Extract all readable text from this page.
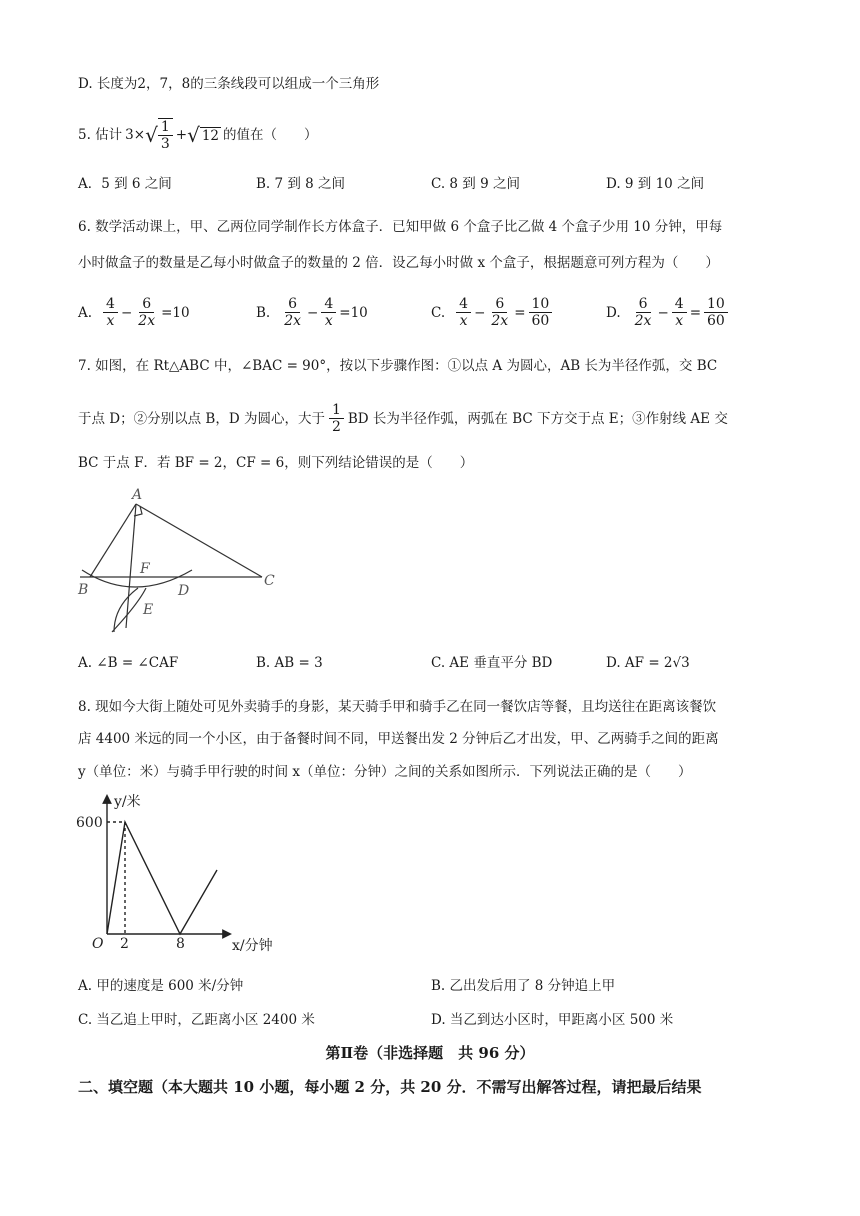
D. 长度为2，7，8的三条线段可以组成一个三角形
5. 估计 3× √ $\frac{1}{3}$ + √ 12 的值在（　　）
A．5 到 6 之间	B. 7 到 8 之间	C. 8 到 9 之间	D. 9 到 10 之间
6. 数学活动课上，甲、乙两位同学制作长方体盒子．已知甲做 6 个盒子比乙做 4 个盒子少用 10 分钟，甲每
小时做盒子的数量是乙每小时做盒子的数量的 2 倍．设乙每小时做 x 个盒子，根据题意可列方程为（　　）
A. $\frac{4}{x} - \frac{6}{2x} =10$	B. $\frac{6}{2x} - \frac{4}{x} =10$	C. $\frac{4}{x} - \frac{6}{2x} = \frac{10}{60}$	D. $\frac{6}{2x} - \frac{4}{x} = \frac{10}{60}$
7. 如图，在 Rt△ABC 中，∠BAC = 90°，按以下步骤作图：①以点 A 为圆心，AB 长为半径作弧，交 BC
于点 D；②分别以点 B，D 为圆心，大于 $\frac{1}{2}$ BD 长为半径作弧，两弧在 BC 下方交于点 E；③作射线 AE 交
BC 于点 F．若 BF = 2，CF = 6，则下列结论错误的是（　　）
A
B
C
D
E
F
A. ∠B = ∠CAF	B. AB = 3	C. AE 垂直平分 BD	D. AF = 2√3
8. 现如今大街上随处可见外卖骑手的身影，某天骑手甲和骑手乙在同一餐饮店等餐，且均送往在距离该餐饮
店 4400 米远的同一个小区，由于备餐时间不同，甲送餐出发 2 分钟后乙才出发，甲、乙两骑手之间的距离
y（单位：米）与骑手甲行驶的时间 x（单位：分钟）之间的关系如图所示．下列说法正确的是（　　）
y/米
x/分钟
O
600
2	8
A. 甲的速度是 600 米/分钟	B. 乙出发后用了 8 分钟追上甲
C. 当乙追上甲时，乙距离小区 2400 米	D. 当乙到达小区时，甲距离小区 500 米
第Ⅱ卷（非选择题　共 96 分）
二、填空题（本大题共 10 小题，每小题 2 分，共 20 分．不需写出解答过程，请把最后结果
